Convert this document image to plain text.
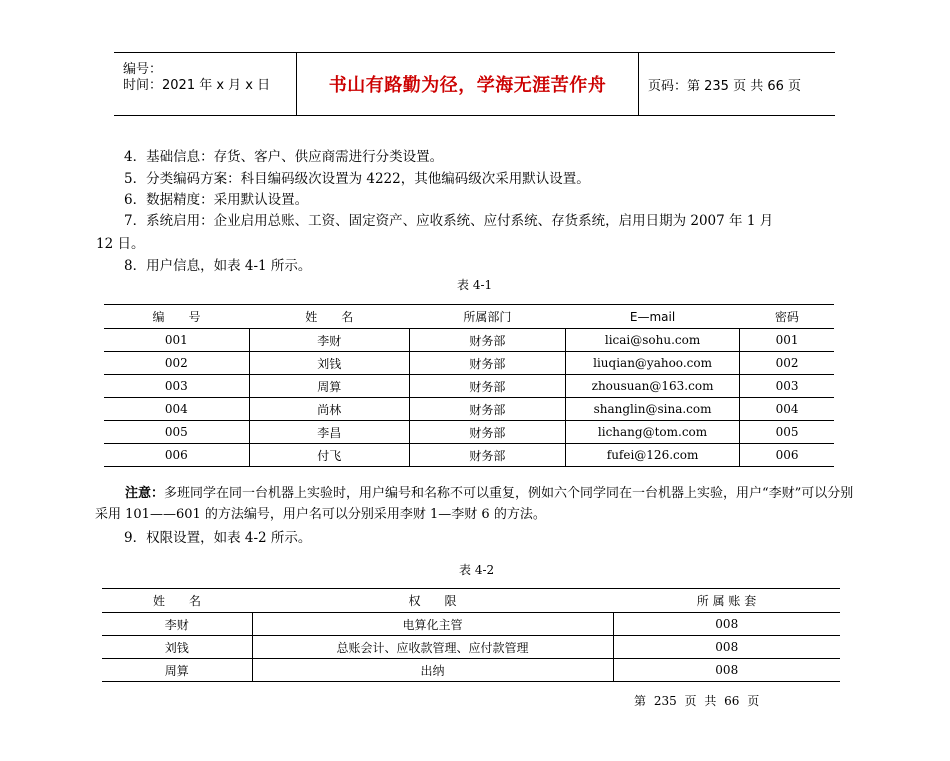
编号：
时间：2021 年 x 月 x 日	书山有路勤为径，学海无涯苦作舟	页码：第 235 页 共 66 页
4．基础信息：存货、客户、供应商需进行分类设置。
5．分类编码方案：科目编码级次设置为 4222，其他编码级次采用默认设置。
6．数据精度：采用默认设置。
7．系统启用：企业启用总账、工资、固定资产、应收系统、应付系统、存货系统，启用日期为 2007 年 1 月
12 日。
8．用户信息，如表 4-1 所示。
表 4-1
编　　号	姓　　名	所属部门	E—mail	密码
001	李财	财务部	licai@sohu.com	001
002	刘钱	财务部	liuqian@yahoo.com	002
003	周算	财务部	zhousuan@163.com	003
004	尚林	财务部	shanglin@sina.com	004
005	李昌	财务部	lichang@tom.com	005
006	付飞	财务部	fufei@126.com	006
注意：多班同学在同一台机器上实验时，用户编号和名称不可以重复，例如六个同学同在一台机器上实验，用户“李财”可以分别采用 101——601 的方法编号，用户名可以分别采用李财 1—李财 6 的方法。
9．权限设置，如表 4-2 所示。
表 4-2
姓　　名	权　　限	所 属 账 套
李财	电算化主管	008
刘钱	总账会计、应收款管理、应付款管理	008
周算	出纳	008
第 235 页 共 66 页
